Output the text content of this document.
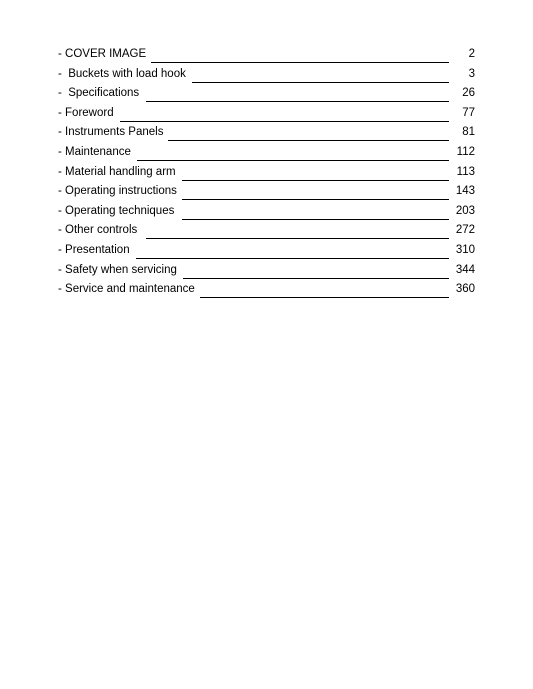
- COVER IMAGE	2
-  Buckets with load hook	3
-  Specifications	26
- Foreword	77
- Instruments Panels	81
- Maintenance	112
- Material handling arm	113
- Operating instructions	143
- Operating techniques	203
- Other controls	272
- Presentation	310
- Safety when servicing	344
- Service and maintenance	360
